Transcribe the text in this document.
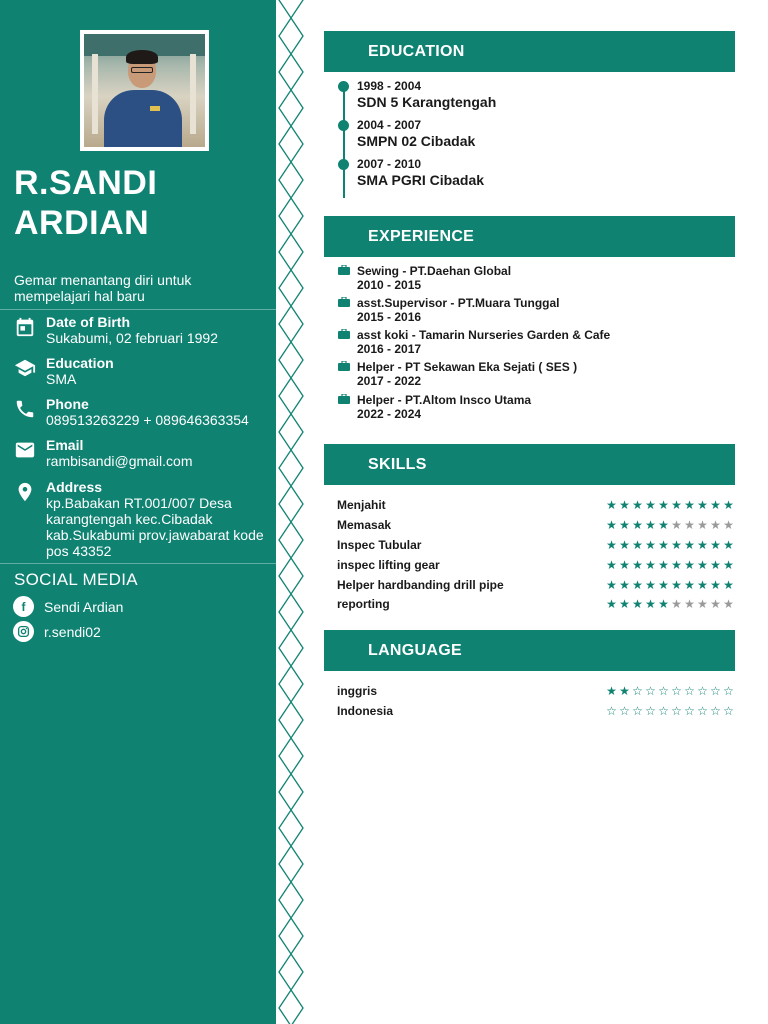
R.SANDI
ARDIAN
Gemar menantang diri untuk mempelajari hal baru
Date of Birth
Sukabumi, 02 februari 1992
Education
SMA
Phone
089513263229 + 089646363354
Email
rambisandi@gmail.com
Address
kp.Babakan RT.001/007 Desa karangtengah kec.Cibadak kab.Sukabumi prov.jawabarat kode pos 43352
SOCIAL MEDIA
f	Sendi Ardian
r.sendi02
EDUCATION
1998 - 2004
SDN 5 Karangtengah
2004 - 2007
SMPN 02 Cibadak
2007 - 2010
SMA PGRI Cibadak
EXPERIENCE
Sewing - PT.Daehan Global
2010 - 2015
asst.Supervisor - PT.Muara Tunggal
2015 - 2016
asst koki - Tamarin Nurseries Garden & Cafe
2016 - 2017
Helper - PT Sekawan Eka Sejati ( SES )
2017 - 2022
Helper - PT.Altom Insco Utama
2022 - 2024
SKILLS
Menjahit	★ ★ ★ ★ ★ ★ ★ ★ ★ ★
Memasak	★ ★ ★ ★ ★ ★ ★ ★ ★ ★
Inspec Tubular	★ ★ ★ ★ ★ ★ ★ ★ ★ ★
inspec lifting gear	★ ★ ★ ★ ★ ★ ★ ★ ★ ★
Helper hardbanding drill pipe	★ ★ ★ ★ ★ ★ ★ ★ ★ ★
reporting	★ ★ ★ ★ ★ ★ ★ ★ ★ ★
LANGUAGE
inggris	★ ★ ☆ ☆ ☆ ☆ ☆ ☆ ☆ ☆
Indonesia	☆ ☆ ☆ ☆ ☆ ☆ ☆ ☆ ☆ ☆
